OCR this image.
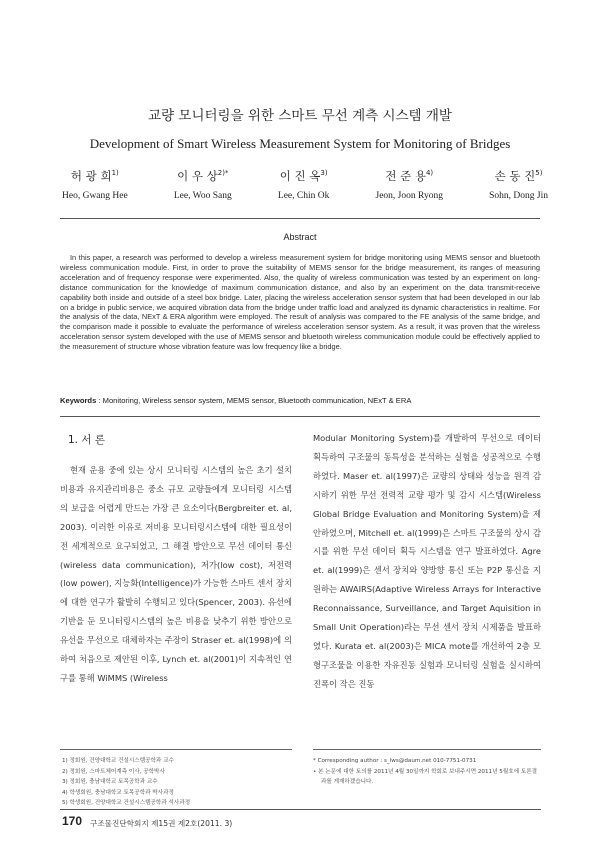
교량 모니터링을 위한 스마트 무선 계측 시스템 개발
Development of Smart Wireless Measurement System for Monitoring of Bridges
허 광 희$^{1)}$
Heo, Gwang Hee
이 우 상$^{2)*}$
Lee, Woo Sang
이 진 옥$^{3)}$
Lee, Chin Ok
전 준 용$^{4)}$
Jeon, Joon Ryong
손 동 진$^{5)}$
Sohn, Dong Jin
Abstract
In this paper, a research was performed to develop a wireless measurement system for bridge monitoring using MEMS sensor and bluetooth wireless communication module. First, in order to prove the suitability of MEMS sensor for the bridge measurement, its ranges of measuring acceleration and of frequency response were experimented. Also, the quality of wireless communication was tested by an experiment on long-distance communication for the knowledge of maximum communication distance, and also by an experiment on the data transmit-receive capability both inside and outside of a steel box bridge. Later, placing the wireless acceleration sensor system that had been developed in our lab on a bridge in public service, we acquired vibration data from the bridge under traffic load and analyzed its dynamic characteristics in realtime. For the analysis of the data, NExT & ERA algorithm were employed. The result of analysis was compared to the FE analysis of the same bridge, and the comparison made it possible to evaluate the performance of wireless acceleration sensor system. As a result, it was proven that the wireless acceleration sensor system developed with the use of MEMS sensor and bluetooth wireless communication module could be effectively applied to the measurement of structure whose vibration feature was low frequency like a bridge.
Keywords : Monitoring, Wireless sensor system, MEMS sensor, Bluetooth communication, NExT & ERA
1. 서 론
현재 운용 중에 있는 상시 모니터링 시스템의 높은 초기 설치비용과 유지관리비용은 중소 규모 교량들에게 모니터링 시스템의 보급을 어렵게 만드는 가장 큰 요소이다(Bergbreiter et. al, 2003). 이러한 이유로 저비용 모니터링시스템에 대한 필요성이 전 세계적으로 요구되었고, 그 해결 방안으로 무선 데이터 통신(wireless data communication), 저가(low cost), 저전력(low power), 지능화(Intelligence)가 가능한 스마트 센서 장치에 대한 연구가 활발히 수행되고 있다(Spencer, 2003). 유선에 기반을 둔 모니터링시스템의 높은 비용을 낮추기 위한 방안으로 유선을 무선으로 대체하자는 주장이 Straser et. al(1998)에 의하여 처음으로 제안된 이후, Lynch et. al(2001)이 지속적인 연구를 통해 WiMMS (Wireless
Modular Monitoring System)를 개발하여 무선으로 데이터 획득하여 구조물의 동특성을 분석하는 실험을 성공적으로 수행하였다. Maser et. al(1997)은 교량의 상태와 성능을 원격 감시하기 위한 무선 전력적 교량 평가 및 감시 시스템(Wireless Global Bridge Evaluation and Monitoring System)을 제안하였으며, Mitchell et. al(1999)은 스마트 구조물의 상시 감시를 위한 무선 데이터 획득 시스템을 연구 발표하였다. Agre et. al(1999)은 센서 장치와 양방향 통신 또는 P2P 통신을 지원하는 AWAIRS(Adaptive Wireless Arrays for Interactive Reconnaissance, Surveillance, and Target Aquisition in Small Unit Operation)라는 무선 센서 장치 시제품을 발표하였다. Kurata et. al(2003)은 MICA mote를 개선하여 2층 모형구조물을 이용한 자유진동 실험과 모니터링 실험을 실시하여 진폭이 작은 진동
1) 정회원, 건양대학교 건설시스템공학과 교수
2) 정회원, 스마트체어계측 이사, 공학박사
3) 정회원, 충남대학교 토목공학과 교수
4) 학생회원, 충남대학교 토목공학과 박사과정
5) 학생회원, 건양대학교 건설시스템공학과 석사과정
* Corresponding author : s_lws@daum.net 010-7751-0731
• 본 논문에 대한 토의를 2011년 4월 30일까지 학회로 보내주시면 2011년 5월호에 토론결과를 게재하겠습니다.
170 구조물진단학회지 제15권 제2호(2011. 3)
